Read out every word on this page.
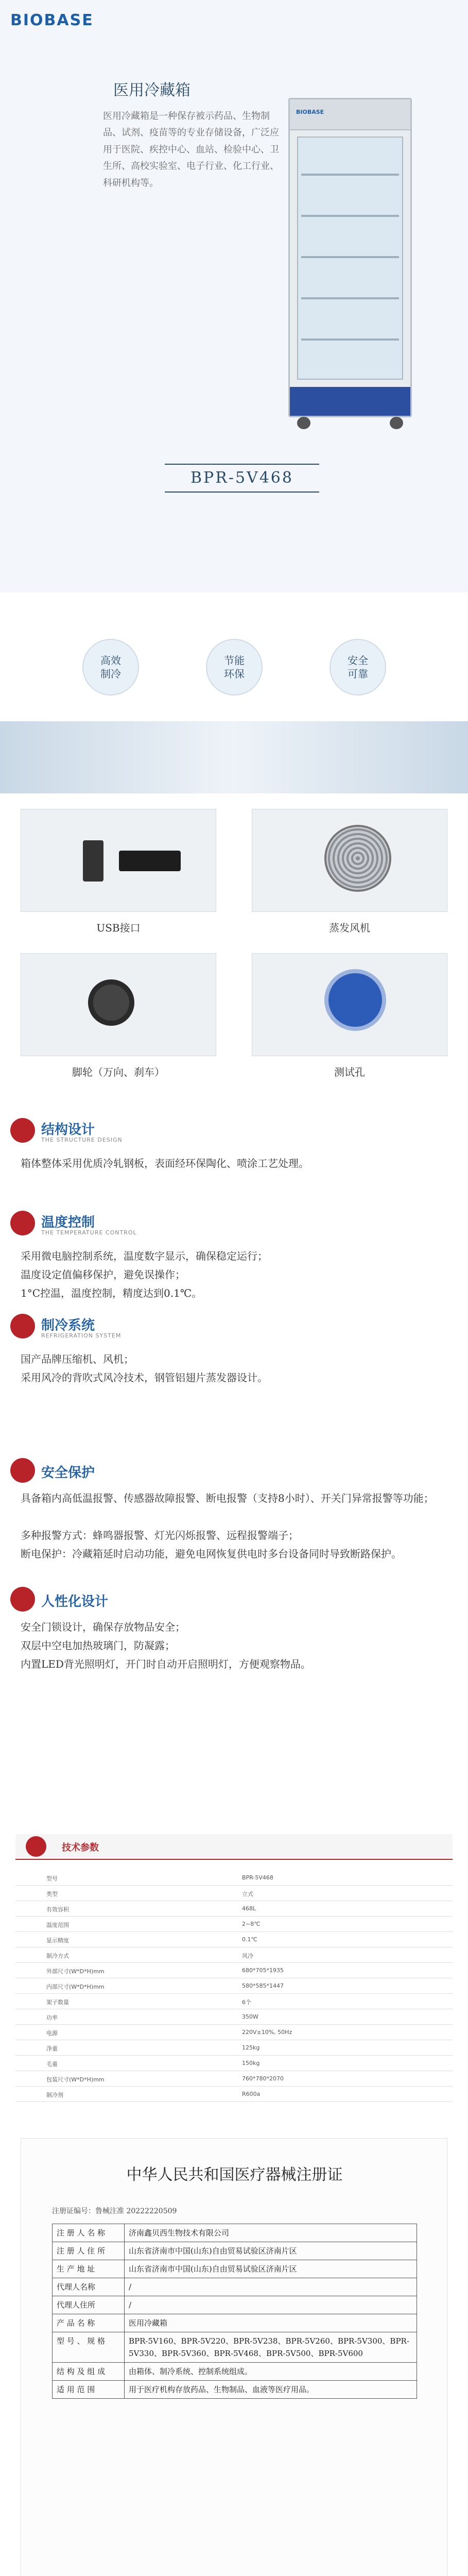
BIOBASE
医用冷藏箱
医用冷藏箱是一种保存被示药品、生物制品、试剂、疫苗等的专业存储设备，广泛应用于医院、疾控中心、血站、检验中心、卫生所、高校实验室、电子行业、化工行业、科研机构等。
BIOBASE
BPR-5V468
高效
制冷
节能
环保
安全
可靠
USB接口	蒸发风机
脚轮（万向、刹车）	测试孔
结构设计
THE STRUCTURE DESIGN
箱体整体采用优质冷轧钢板，表面经环保陶化、喷涂工艺处理。
温度控制
THE TEMPERATURE CONTROL
采用微电脑控制系统，温度数字显示，确保稳定运行；
温度设定值偏移保护，避免误操作；
1°C控温，温度控制，精度达到0.1℃。
制冷系统
REFRIGERATION SYSTEM
国产品牌压缩机、风机；
采用风冷的背吹式风冷技术，钢管铝翅片蒸发器设计。
安全保护
具备箱内高低温报警、传感器故障报警、断电报警（支持8小时）、开关门异常报警等功能；
多种报警方式：蜂鸣器报警、灯光闪烁报警、远程报警端子；
断电保护：冷藏箱延时启动功能，避免电网恢复供电时多台设备同时导致断路保护。
人性化设计
安全门锁设计，确保存放物品安全；
双层中空电加热玻璃门，防凝露；
内置LED背光照明灯，开门时自动开启照明灯，方便观察物品。
技术参数
型号	BPR-5V468
类型	立式
有效容积	468L
温度范围	2~8℃
显示精度	0.1℃
制冷方式	风冷
外部尺寸(W*D*H)mm	680*705*1935
内部尺寸(W*D*H)mm	580*585*1447
架子数量	6个
功率	350W
电源	220V±10%, 50Hz
净重	125kg
毛重	150kg
包装尺寸(W*D*H)mm	760*780*2070
制冷剂	R600a
中华人民共和国医疗器械注册证
注册证编号：鲁械注准 20222220509
注 册 人 名 称	济南鑫贝西生物技术有限公司
注 册 人 住 所	山东省济南市中国(山东)自由贸易试验区济南片区
生 产 地 址	山东省济南市中国(山东)自由贸易试验区济南片区
代理人名称	/
代理人住所	/
产 品 名 称	医用冷藏箱
型 号 、 规 格	BPR-5V160、BPR-5V220、BPR-5V238、BPR-5V260、BPR-5V300、BPR-5V330、BPR-5V360、BPR-5V468、BPR-5V500、BPR-5V600
结 构 及 组 成	由箱体、制冷系统、控制系统组成。
适 用 范 围	用于医疗机构存放药品、生物制品、血液等医疗用品。
